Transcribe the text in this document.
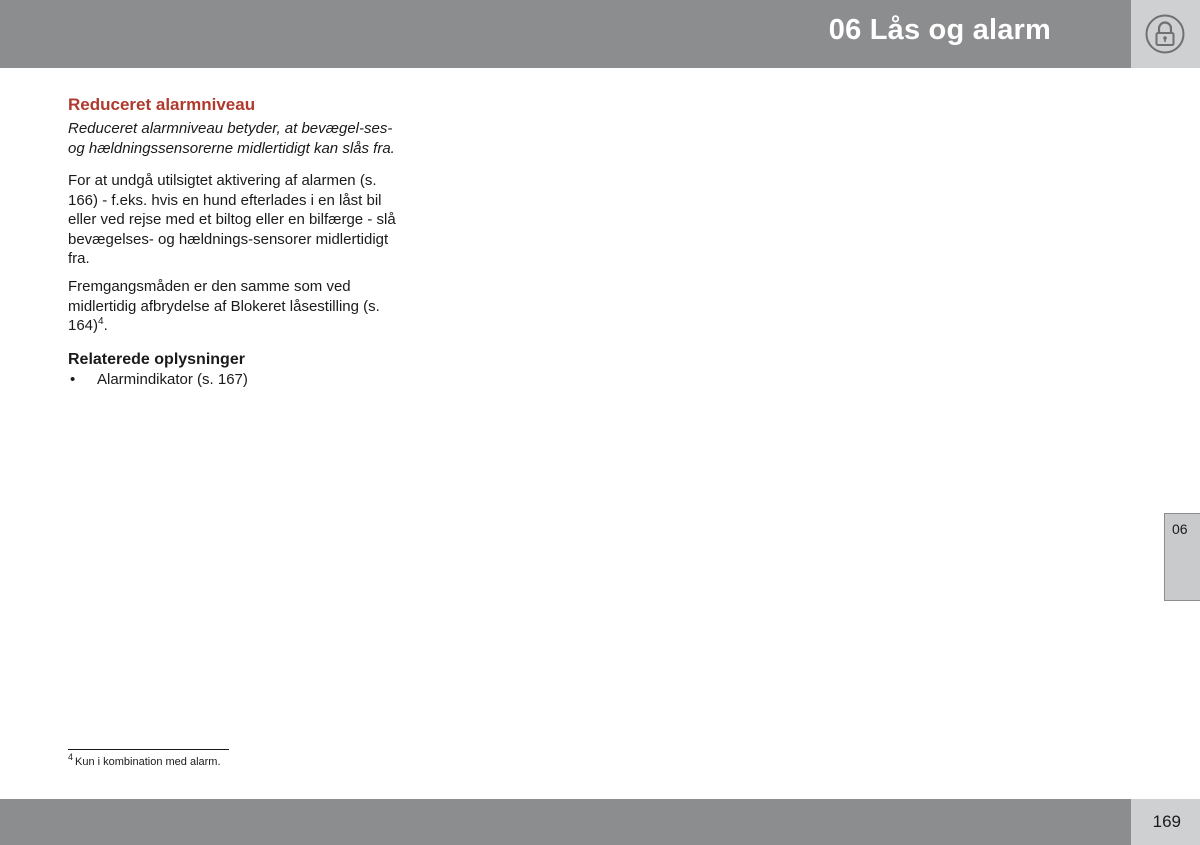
06 Lås og alarm
Reduceret alarmniveau

Reduceret alarmniveau betyder, at bevægel-ses- og hældningssensorerne midlertidigt kan slås fra.

For at undgå utilsigtet aktivering af alarmen (s. 166) - f.eks. hvis en hund efterlades i en låst bil eller ved rejse med et biltog eller en bilfærge - slå bevægelses- og hældnings-sensorer midlertidigt fra.

Fremgangsmåden er den samme som ved midlertidig afbrydelse af Blokeret låsestilling (s. 164)$^4$.

Relaterede oplysninger
• Alarmindikator (s. 167)
$^4$ Kun i kombination med alarm.
06
169
